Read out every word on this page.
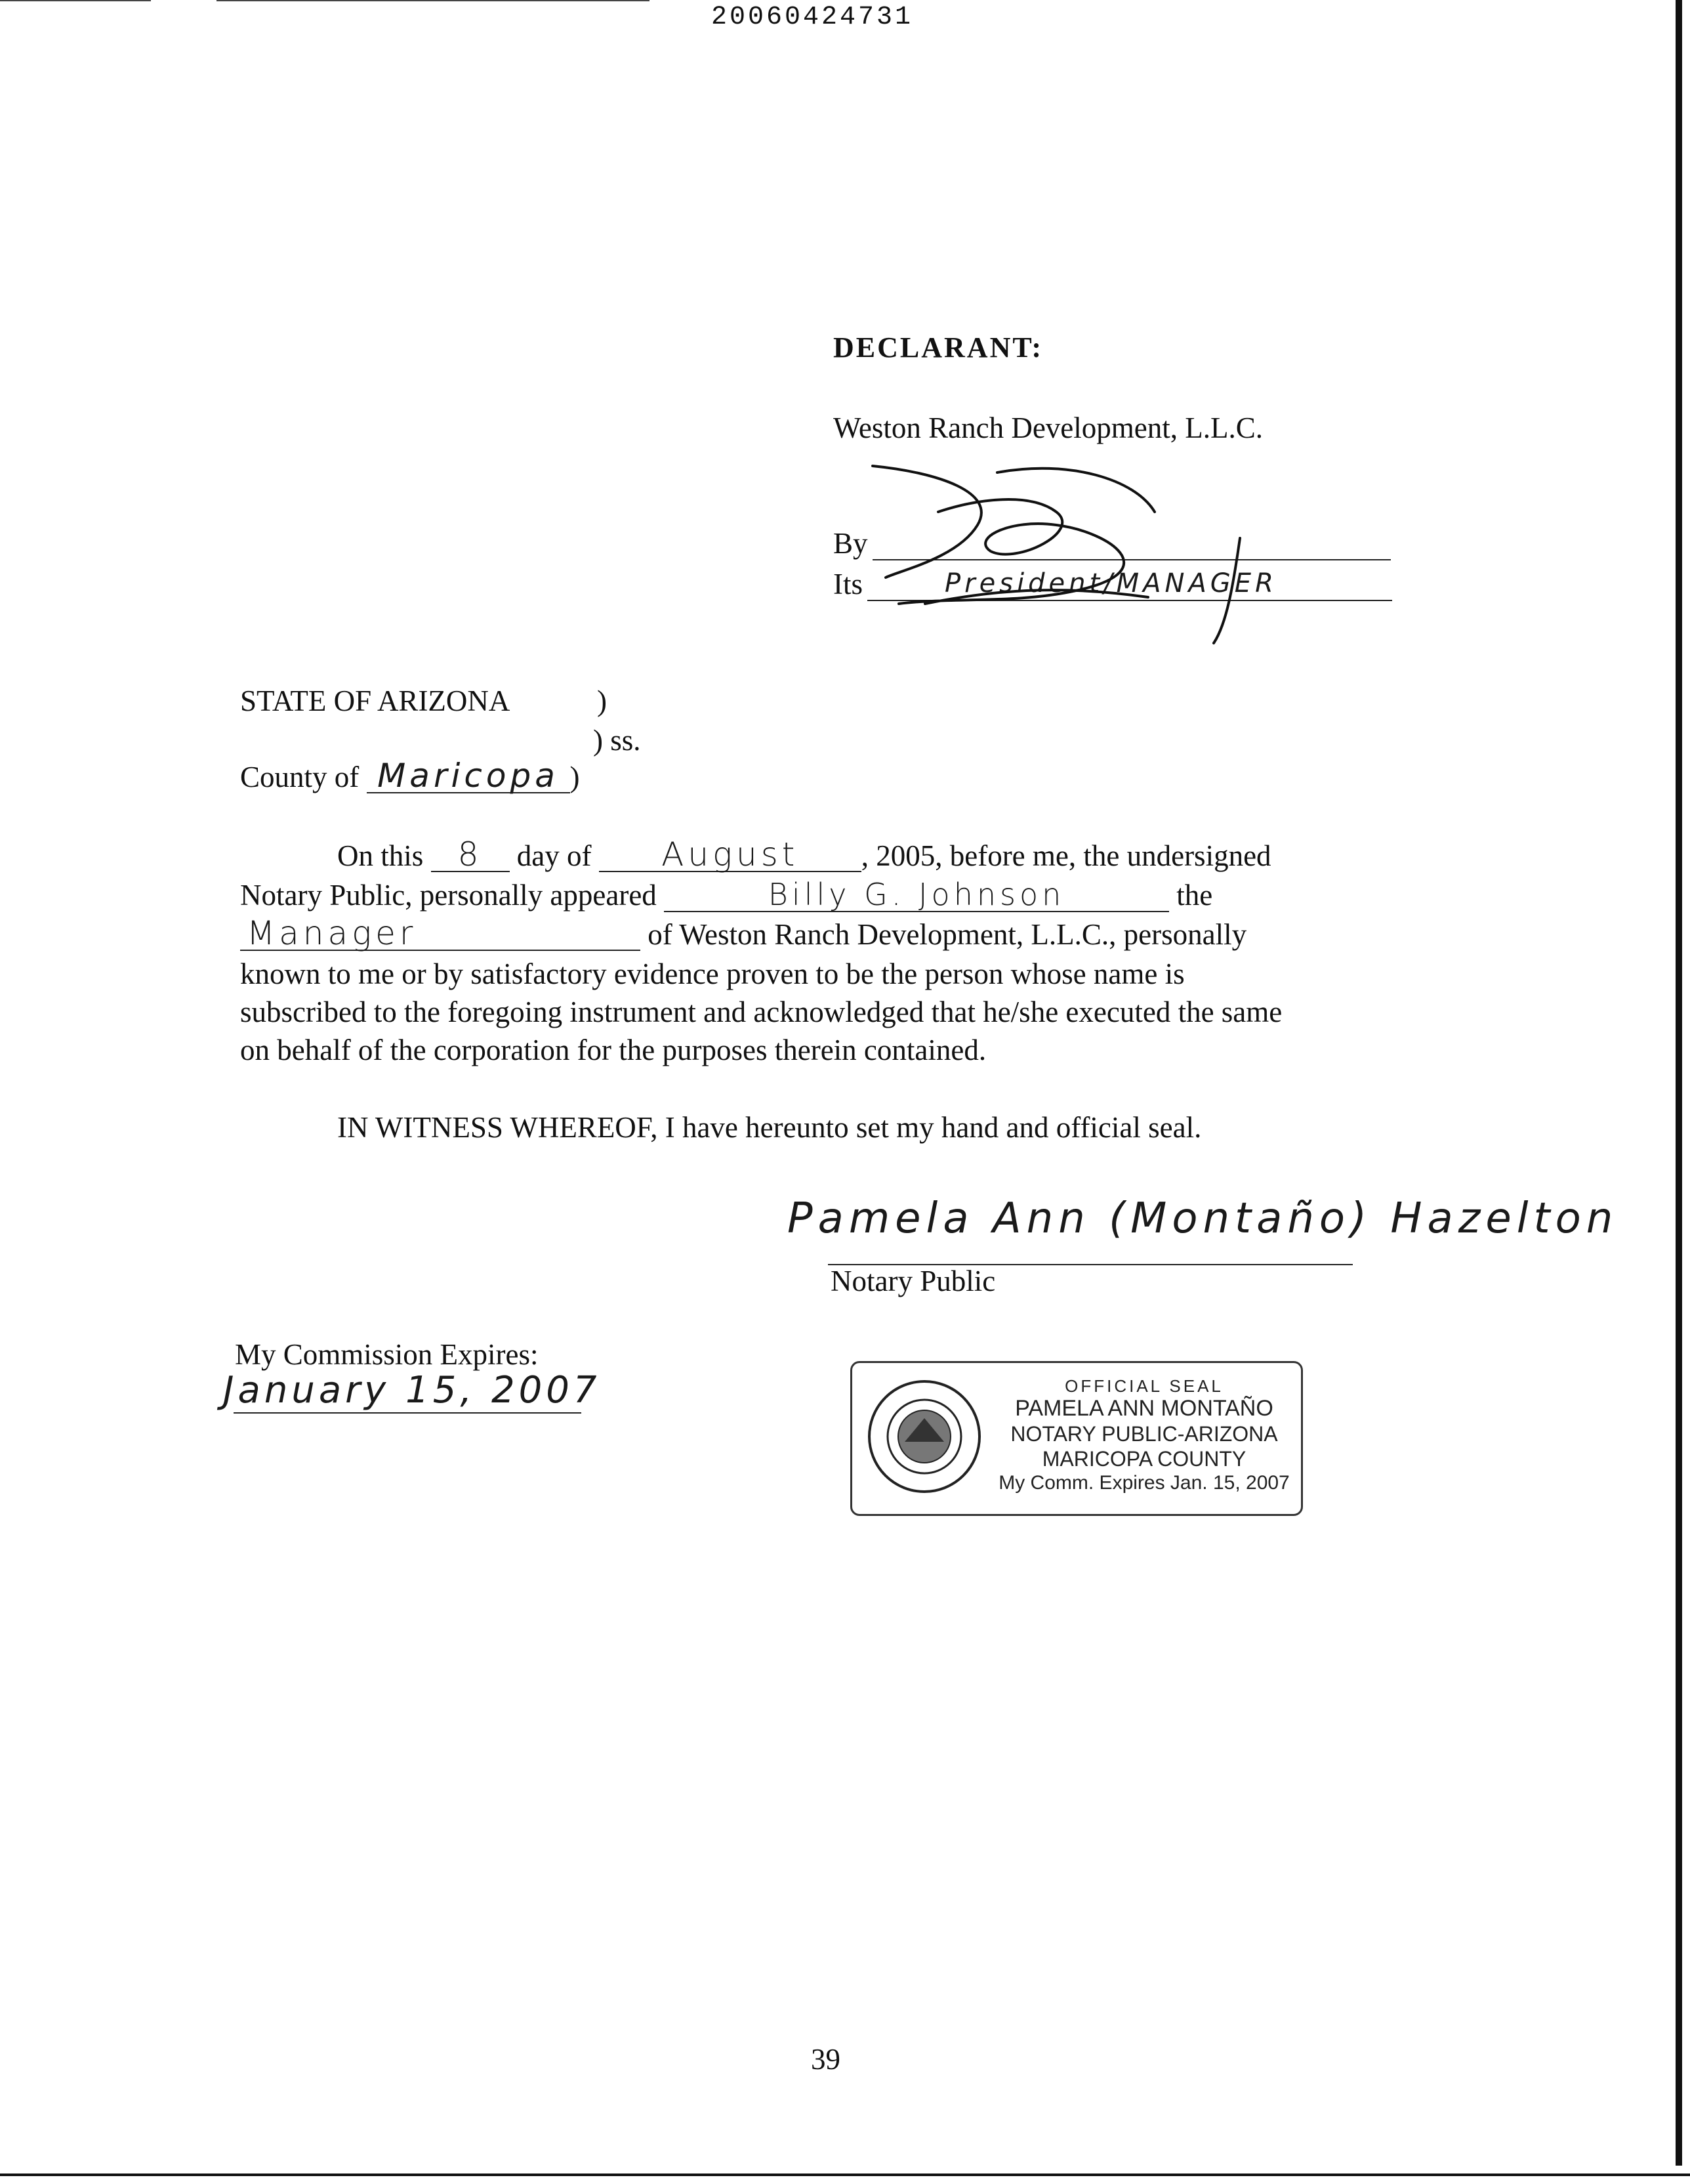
20060424731
DECLARANT:
Weston Ranch Development, L.L.C.
By
Its	President/MANAGER
STATE OF ARIZONA	)
) ss.
County of Maricopa )
On this 8 day of August , 2005, before me, the undersigned
Notary Public, personally appeared	Billy G. Johnson	the
Manager	of Weston Ranch Development, L.L.C., personally
known to me or by satisfactory evidence proven to be the person whose name is
subscribed to the foregoing instrument and acknowledged that he/she executed the same
on behalf of the corporation for the purposes therein contained.
IN WITNESS WHEREOF, I have hereunto set my hand and official seal.
Pamela Ann (Montaño) Hazelton
Notary Public
My Commission Expires:
January 15, 2007	OFFICIAL SEAL
PAMELA ANN MONTAÑO
NOTARY PUBLIC-ARIZONA
MARICOPA COUNTY
My Comm. Expires Jan. 15, 2007
39
